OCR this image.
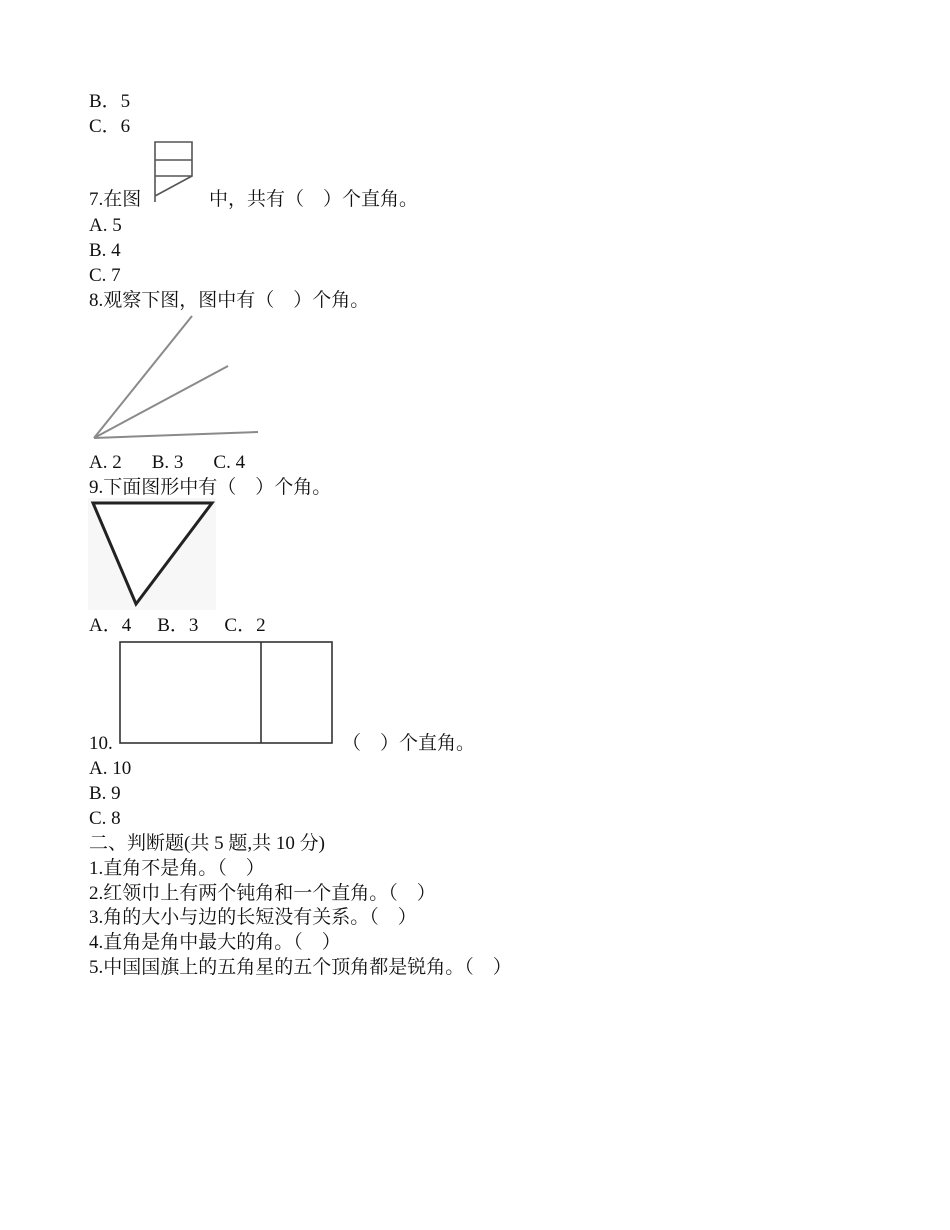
B．5
C．6
7.在图	中，共有（　）个直角。
A. 5
B. 4
C. 7
8.观察下图，图中有（　）个角。
A. 2 B. 3 C. 4
9.下面图形中有（　）个角。
A．4 B．3 C．2
10.	（　）个直角。
A. 10
B. 9
C. 8
二、判断题(共 5 题,共 10 分)
1.直角不是角。（　）
2.红领巾上有两个钝角和一个直角。（　）
3.角的大小与边的长短没有关系。（　）
4.直角是角中最大的角。（　）
5.中国国旗上的五角星的五个顶角都是锐角。（　）
